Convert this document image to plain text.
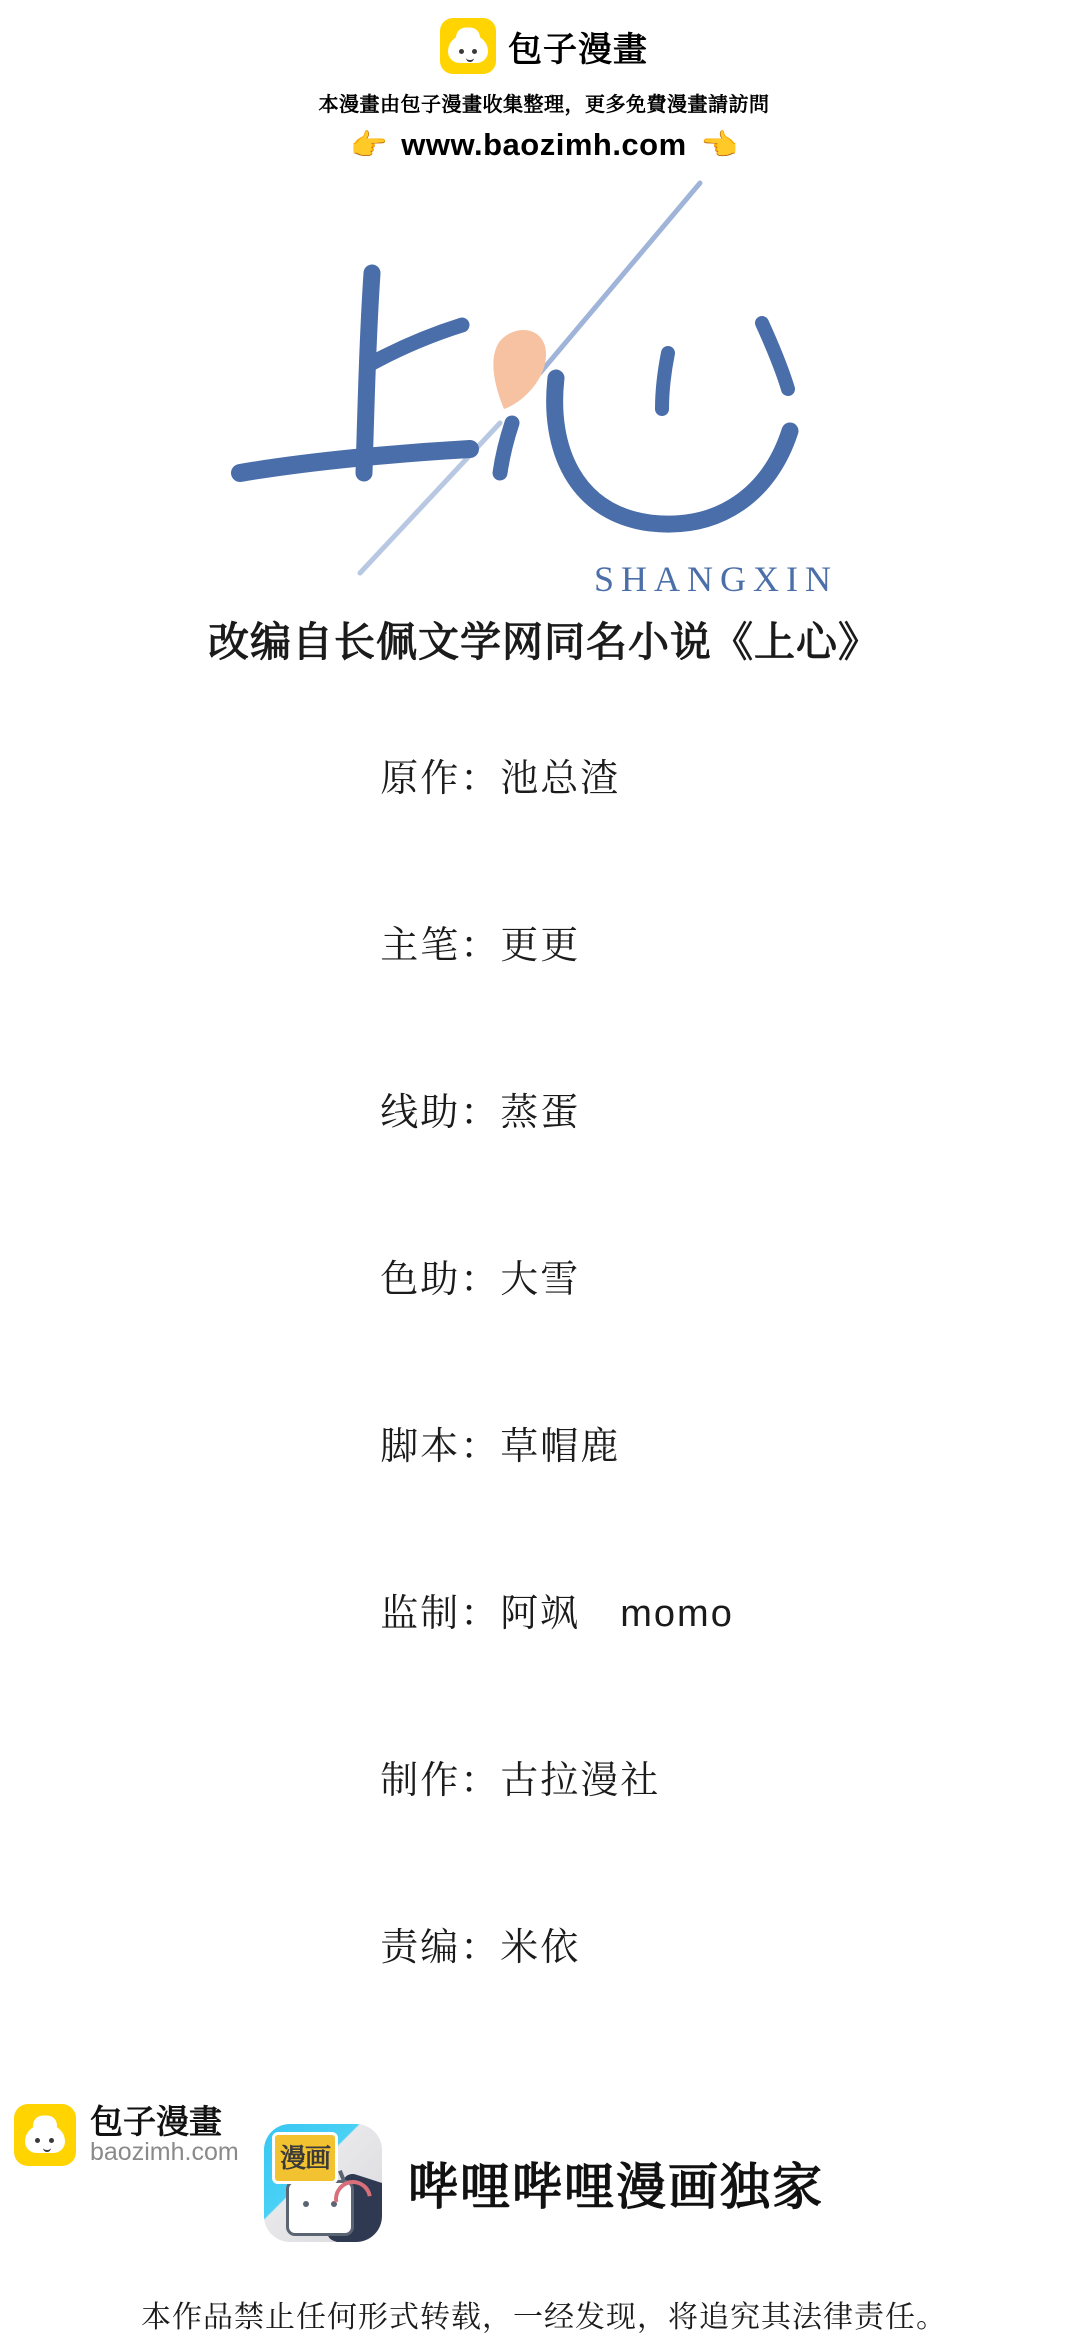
包子漫畫
本漫畫由包子漫畫收集整理，更多免費漫畫請訪問
👉 www.baozimh.com 👈
SHANGXIN
改编自长佩文学网同名小说《上心》

原作：池总渣

主笔：更更

线助：蒸蛋

色助：大雪

脚本：草帽鹿

监制：阿飒　momo

制作：古拉漫社

责编：米依

漫画
哔哩哔哩漫画独家
本作品禁止任何形式转载，一经发现，将追究其法律责任。
包子漫畫
baozimh.com
